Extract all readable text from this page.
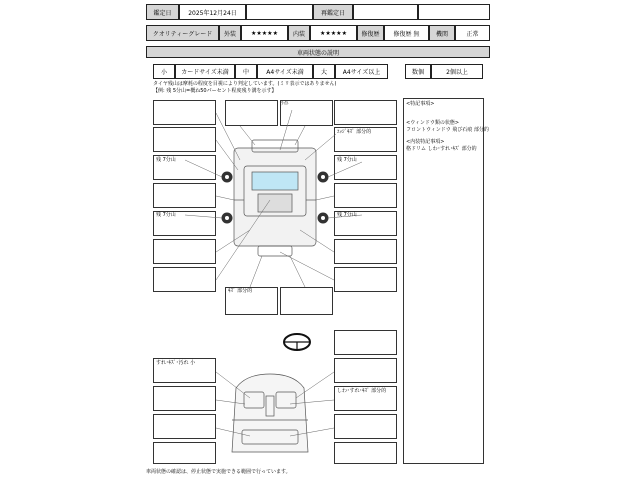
鑑定日	2025年12月24日	再鑑定日
クオリティーグレード	外装	★★★★★	内装	★★★★★	修復歴	修復歴 無	機関	正常
車両状態の説明
小	カードサイズ未満	中	A4サイズ未満	大	A4サイズ以上	数個	2個以上
タイヤ残山は摩耗の程度を目視により判定しています。(ミリ表示ではありません)
【例: 残 5分山=概ね50パーセント程度残り溝を示す】
<特記事項>
<ウィンドウ類の状態>
フロントウィンドウ 飛び石痕 部分的
<内装特記事項>
格ドリム しわ･すれ･ｷｽﾞ 部分的
ﾗｲﾄ
ｴｯｼﾞｷｽﾞ 部分的
残 7分山	残 7分山
残 7分山	残 7分山
ｷｽﾞ 部分的
すれ･ｷｽﾞ･汚れ 小
しわ･すれ･ｷｽﾞ 部分的
車両状態の確認は、停止状態で実施できる範囲で行っています。
